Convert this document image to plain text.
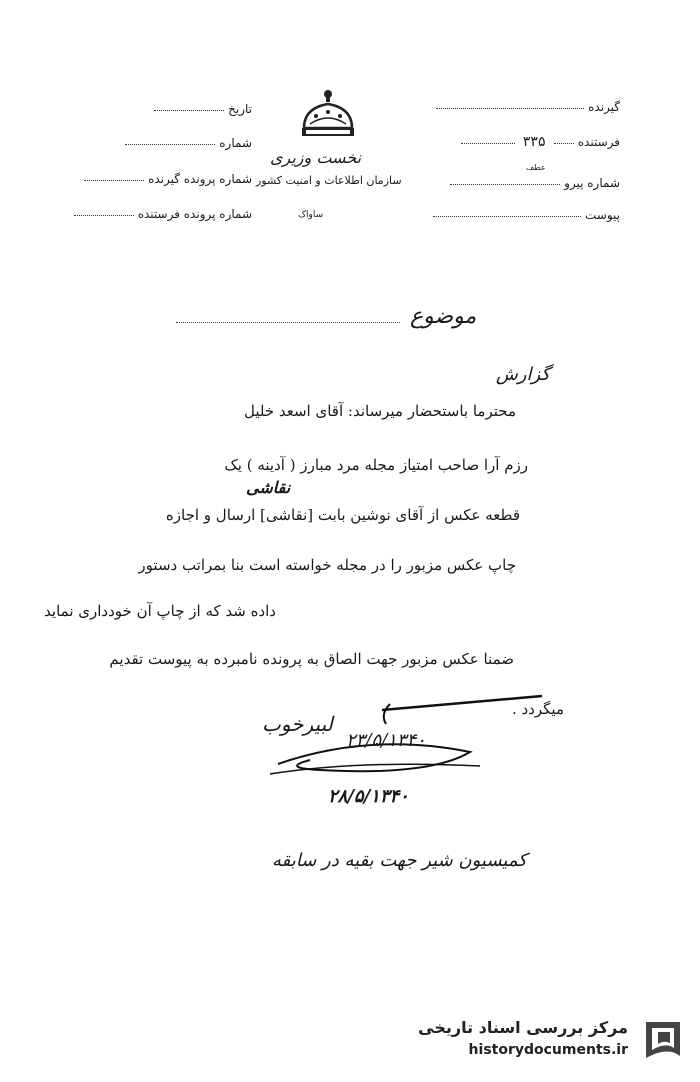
تاریخ
شماره
شماره پرونده گیرنده
شماره پرونده فرستنده
نخست وزیری
سازمان اطلاعات و امنیت کشور
ساواک
گیرنده
فرستنده  ۳۳۵
عطف
شماره پیرو
پیوست
موضوع
گزارش
محترما باستحضار میرساند: آقای اسعد خلیل
رزم آرا صاحب امتیاز مجله مرد مبارز ( آدینه ) یک
نقاشی
قطعه عکس از آقای نوشین بابت [نقاشی] ارسال و اجازه
چاپ عکس مزبور را در مجله خواسته است بنا بمراتب دستور
داده شد که از چاپ آن خودداری نماید
ضمنا عکس مزبور جهت الصاق به پرونده نامبرده به پیوست تقدیم
میگردد .
لبیرخوب
۲۳/۵/۱۳۴۰
۲۸/۵/۱۳۴۰
کمیسیون شیر جهت بقیه در سابقه
مرکز بررسی اسناد تاریخی
historydocuments.ir
